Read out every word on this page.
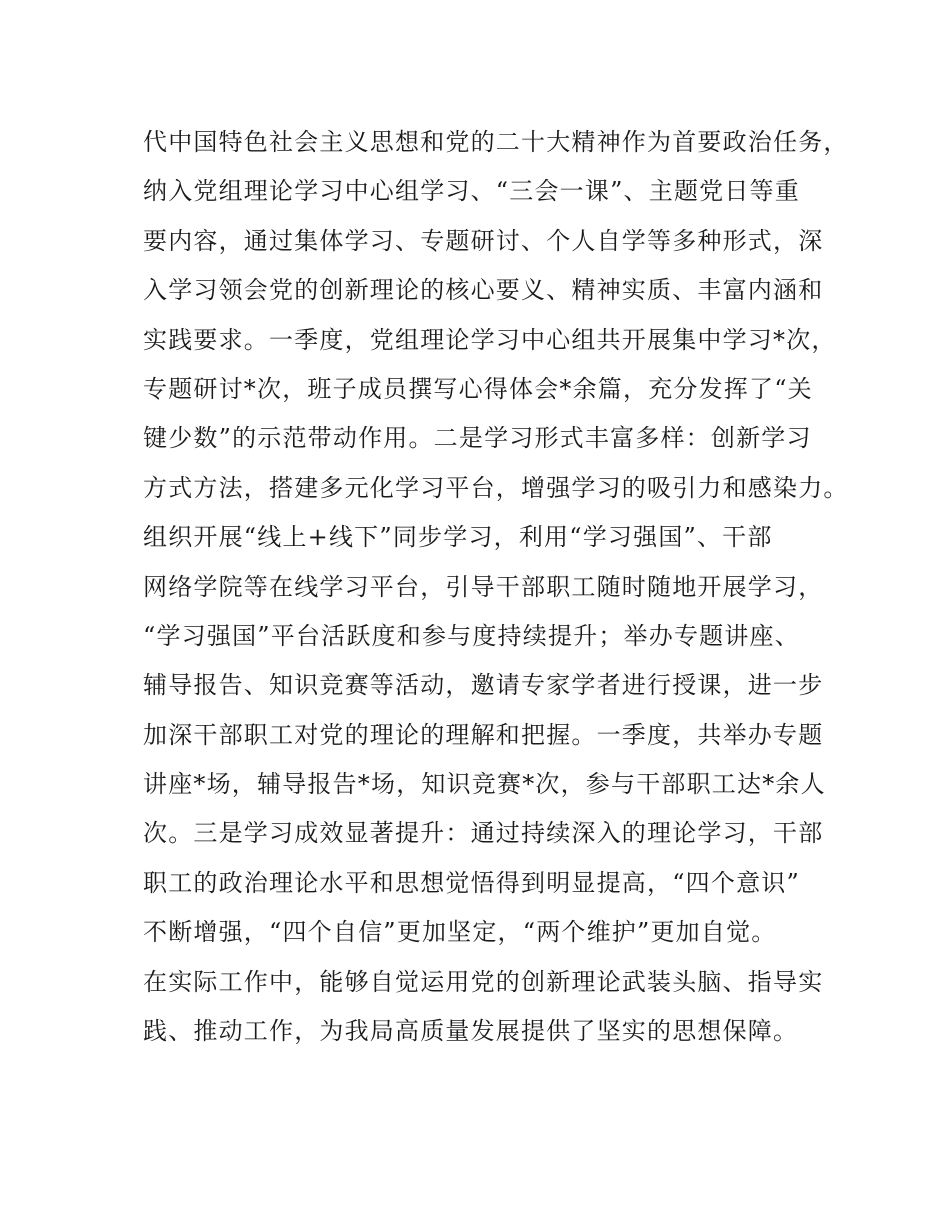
代中国特色社会主义思想和党的二十大精神作为首要政治任务，
纳入党组理论学习中心组学习、“三会一课”、主题党日等重
要内容，通过集体学习、专题研讨、个人自学等多种形式，深
入学习领会党的创新理论的核心要义、精神实质、丰富内涵和
实践要求。一季度，党组理论学习中心组共开展集中学习*次，
专题研讨*次，班子成员撰写心得体会*余篇，充分发挥了“关
键少数”的示范带动作用。二是学习形式丰富多样：创新学习
方式方法，搭建多元化学习平台，增强学习的吸引力和感染力。
组织开展“线上+线下”同步学习，利用“学习强国”、干部
网络学院等在线学习平台，引导干部职工随时随地开展学习，
“学习强国”平台活跃度和参与度持续提升；举办专题讲座、
辅导报告、知识竞赛等活动，邀请专家学者进行授课，进一步
加深干部职工对党的理论的理解和把握。一季度，共举办专题
讲座*场，辅导报告*场，知识竞赛*次，参与干部职工达*余人
次。三是学习成效显著提升：通过持续深入的理论学习，干部
职工的政治理论水平和思想觉悟得到明显提高，“四个意识”
不断增强，“四个自信”更加坚定，“两个维护”更加自觉。
在实际工作中，能够自觉运用党的创新理论武装头脑、指导实
践、推动工作，为我局高质量发展提供了坚实的思想保障。
